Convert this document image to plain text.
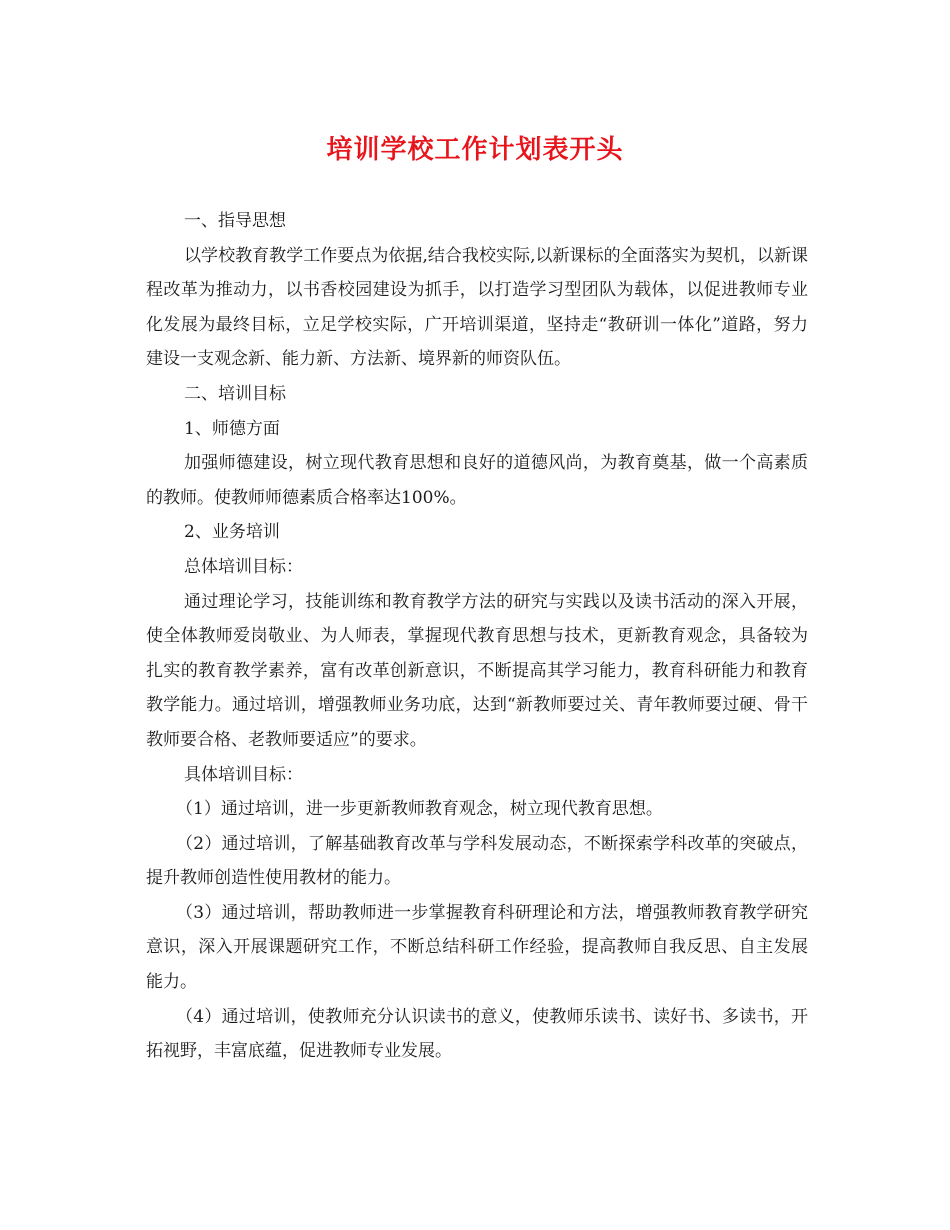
培训学校工作计划表开头

一、指导思想

以学校教育教学工作要点为依据,结合我校实际,以新课标的全面落实为契机，以新课程改革为推动力，以书香校园建设为抓手，以打造学习型团队为载体，以促进教师专业化发展为最终目标，立足学校实际，广开培训渠道，坚持走“教研训一体化”道路，努力建设一支观念新、能力新、方法新、境界新的师资队伍。

二、培训目标

1、师德方面

加强师德建设，树立现代教育思想和良好的道德风尚，为教育奠基，做一个高素质的教师。使教师师德素质合格率达100%。

2、业务培训

总体培训目标：

通过理论学习，技能训练和教育教学方法的研究与实践以及读书活动的深入开展，使全体教师爱岗敬业、为人师表，掌握现代教育思想与技术，更新教育观念，具备较为扎实的教育教学素养，富有改革创新意识，不断提高其学习能力，教育科研能力和教育教学能力。通过培训，增强教师业务功底，达到“新教师要过关、青年教师要过硬、骨干教师要合格、老教师要适应”的要求。

具体培训目标：

（1）通过培训，进一步更新教师教育观念，树立现代教育思想。

（2）通过培训，了解基础教育改革与学科发展动态，不断探索学科改革的突破点，提升教师创造性使用教材的能力。

（3）通过培训，帮助教师进一步掌握教育科研理论和方法，增强教师教育教学研究意识，深入开展课题研究工作，不断总结科研工作经验，提高教师自我反思、自主发展能力。

（4）通过培训，使教师充分认识读书的意义，使教师乐读书、读好书、多读书，开拓视野，丰富底蕴，促进教师专业发展。
